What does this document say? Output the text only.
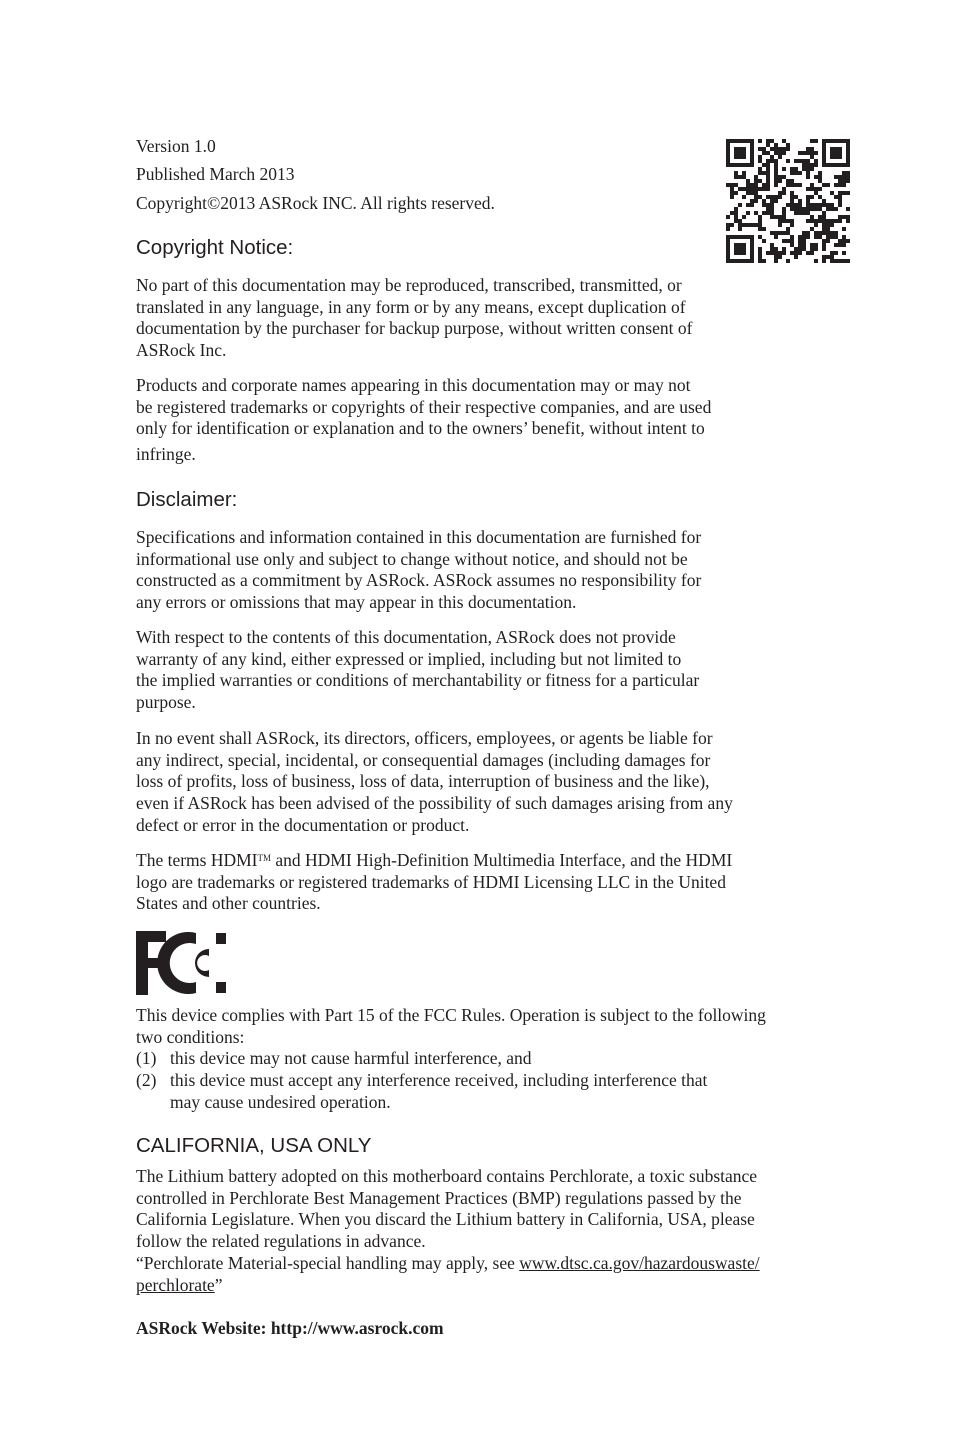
Version 1.0
Published March 2013
Copyright©2013 ASRock INC. All rights reserved.
Copyright Notice:
No part of this documentation may be reproduced, transcribed, transmitted, or
translated in any language, in any form or by any means, except duplication of
documentation by the purchaser for backup purpose, without written consent of
ASRock Inc.
Products and corporate names appearing in this documentation may or may not
be registered trademarks or copyrights of their respective companies, and are used
only for identification or explanation and to the owners’ benefit, without intent to
infringe.
Disclaimer:
Specifications and information contained in this documentation are furnished for
informational use only and subject to change without notice, and should not be
constructed as a commitment by ASRock. ASRock assumes no responsibility for
any errors or omissions that may appear in this documentation.
With respect to the contents of this documentation, ASRock does not provide
warranty of any kind, either expressed or implied, including but not limited to
the implied warranties or conditions of merchantability or fitness for a particular
purpose.
In no event shall ASRock, its directors, officers, employees, or agents be liable for
any indirect, special, incidental, or consequential damages (including damages for
loss of profits, loss of business, loss of data, interruption of business and the like),
even if ASRock has been advised of the possibility of such damages arising from any
defect or error in the documentation or product.
The terms HDMI™ and HDMI High-Definition Multimedia Interface, and the HDMI
logo are trademarks or registered trademarks of HDMI Licensing LLC in the United
States and other countries.
This device complies with Part 15 of the FCC Rules. Operation is subject to the following
two conditions:
(1) this device may not cause harmful interference, and
(2) this device must accept any interference received, including interference that
may cause undesired operation.
CALIFORNIA, USA ONLY
The Lithium battery adopted on this motherboard contains Perchlorate, a toxic substance
controlled in Perchlorate Best Management Practices (BMP) regulations passed by the
California Legislature. When you discard the Lithium battery in California, USA, please
follow the related regulations in advance.
“Perchlorate Material-special handling may apply, see www.dtsc.ca.gov/hazardouswaste/
perchlorate”
ASRock Website: http://www.asrock.com
